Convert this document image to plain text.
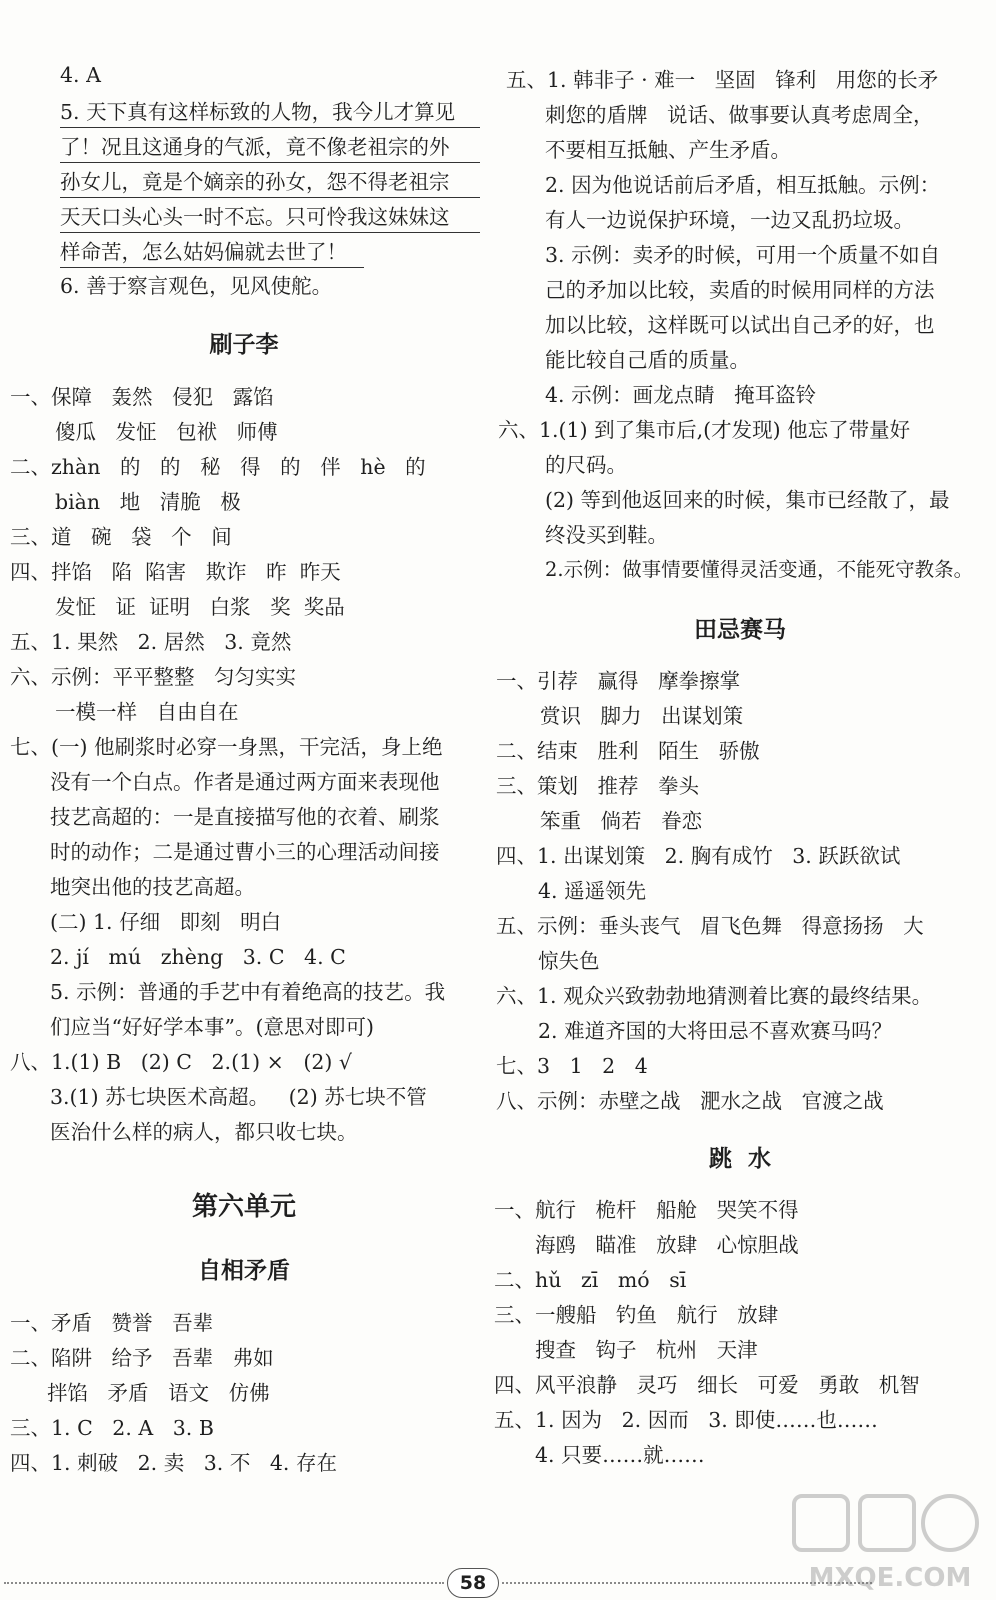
4. A
5. 天下真有这样标致的人物，我今儿才算见
了！况且这通身的气派，竟不像老祖宗的外
孙女儿，竟是个嫡亲的孙女，怨不得老祖宗
天天口头心头一时不忘。只可怜我这妹妹这
样命苦，怎么姑妈偏就去世了！
6. 善于察言观色，见风使舵。
刷子李
一、保障   轰然   侵犯   露馅
傻瓜   发怔   包袱   师傅
二、zhàn   的   的   秘   得   的   伴   hè   的
biàn   地   清脆   极
三、道   碗   袋   个   间
四、拌馅   陷  陷害   欺诈   昨  昨天
发怔   证  证明   白浆   奖  奖品
五、1. 果然   2. 居然   3. 竟然
六、示例：平平整整   匀匀实实
一模一样   自由自在
七、(一) 他刷浆时必穿一身黑，干完活，身上绝
没有一个白点。作者是通过两方面来表现他
技艺高超的：一是直接描写他的衣着、刷浆
时的动作；二是通过曹小三的心理活动间接
地突出他的技艺高超。
(二) 1. 仔细   即刻   明白
2. jí   mú   zhèng   3. C   4. C
5. 示例：普通的手艺中有着绝高的技艺。我
们应当“好好学本事”。(意思对即可)
八、1.(1) B   (2) C   2.(1) ×   (2) √
3.(1) 苏七块医术高超。   (2) 苏七块不管
医治什么样的病人，都只收七块。
第六单元
自相矛盾
一、矛盾   赞誉   吾辈
二、陷阱   给予   吾辈   弗如
拌馅   矛盾   语文   仿佛
三、1. C   2. A   3. B
四、1. 刺破   2. 卖   3. 不   4. 存在
五、1. 韩非子 · 难一   坚固   锋利   用您的长矛
刺您的盾牌   说话、做事要认真考虑周全，
不要相互抵触、产生矛盾。
2. 因为他说话前后矛盾，相互抵触。示例：
有人一边说保护环境，一边又乱扔垃圾。
3. 示例：卖矛的时候，可用一个质量不如自
己的矛加以比较，卖盾的时候用同样的方法
加以比较，这样既可以试出自己矛的好，也
能比较自己盾的质量。
4. 示例：画龙点睛   掩耳盗铃
六、1.(1) 到了集市后,(才发现) 他忘了带量好
的尺码。
(2) 等到他返回来的时候，集市已经散了，最
终没买到鞋。
2.示例：做事情要懂得灵活变通，不能死守教条。
田忌赛马
一、引荐   赢得   摩拳擦掌
赏识   脚力   出谋划策
二、结束   胜利   陌生   骄傲
三、策划   推荐   拳头
笨重   倘若   眷恋
四、1. 出谋划策   2. 胸有成竹   3. 跃跃欲试
4. 遥遥领先
五、示例：垂头丧气   眉飞色舞   得意扬扬   大
惊失色
六、1. 观众兴致勃勃地猜测着比赛的最终结果。
2. 难道齐国的大将田忌不喜欢赛马吗？
七、3   1   2   4
八、示例：赤壁之战   淝水之战   官渡之战
跳  水
一、航行   桅杆   船舱   哭笑不得
海鸥   瞄准   放肆   心惊胆战
二、hǔ   zī   mó   sī
三、一艘船   钓鱼   航行   放肆
搜查   钩子   杭州   天津
四、风平浪静   灵巧   细长   可爱   勇敢   机智
五、1. 因为   2. 因而   3. 即使……也……
4. 只要……就……
58	MXQE.COM
